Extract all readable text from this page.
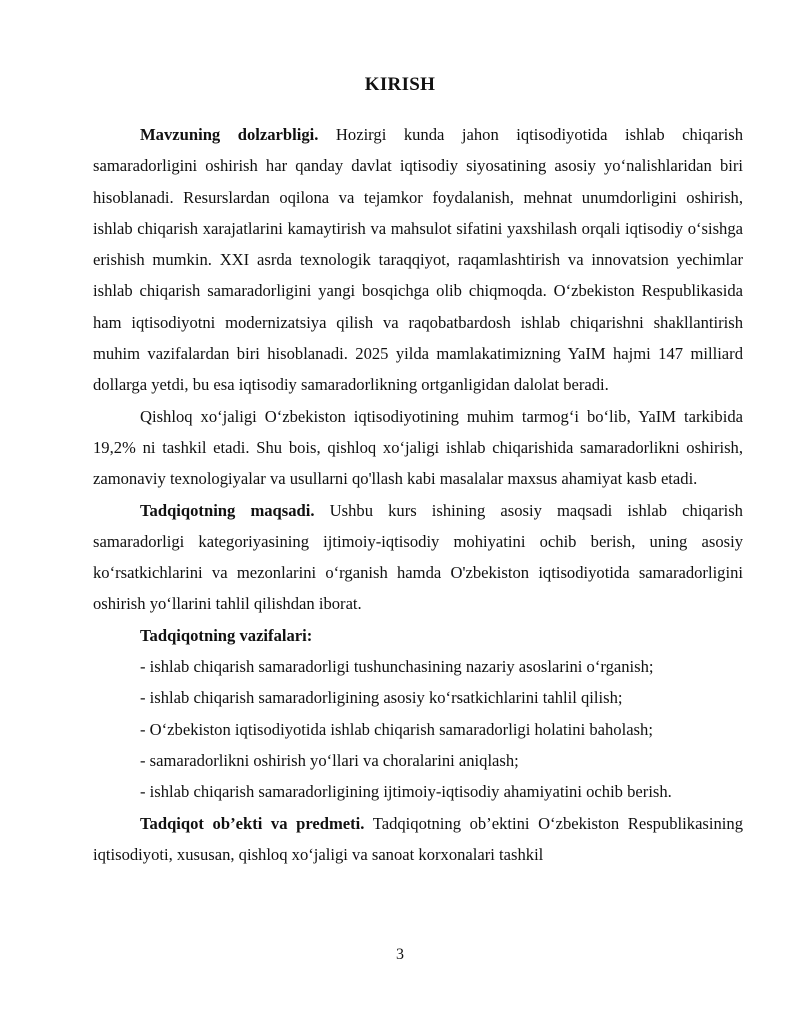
KIRISH

Mavzuning dolzarbligi. Hozirgi kunda jahon iqtisodiyotida ishlab chiqarish samaradorligini oshirish har qanday davlat iqtisodiy siyosatining asosiy yo‘nalishlaridan biri hisoblanadi. Resurslardan oqilona va tejamkor foydalanish, mehnat unumdorligini oshirish, ishlab chiqarish xarajatlarini kamaytirish va mahsulot sifatini yaxshilash orqali iqtisodiy o‘sishga erishish mumkin. XXI asrda texnologik taraqqiyot, raqamlashtirish va innovatsion yechimlar ishlab chiqarish samaradorligini yangi bosqichga olib chiqmoqda. O‘zbekiston Respublikasida ham iqtisodiyotni modernizatsiya qilish va raqobatbardosh ishlab chiqarishni shakllantirish muhim vazifalardan biri hisoblanadi. 2025 yilda mamlakatimizning YaIM hajmi 147 milliard dollarga yetdi, bu esa iqtisodiy samaradorlikning ortganligidan dalolat beradi.

Qishloq xo‘jaligi O‘zbekiston iqtisodiyotining muhim tarmog‘i bo‘lib, YaIM tarkibida 19,2% ni tashkil etadi. Shu bois, qishloq xo‘jaligi ishlab chiqarishida samaradorlikni oshirish, zamonaviy texnologiyalar va usullarni qo'llash kabi masalalar maxsus ahamiyat kasb etadi.

Tadqiqotning maqsadi. Ushbu kurs ishining asosiy maqsadi ishlab chiqarish samaradorligi kategoriyasining ijtimoiy-iqtisodiy mohiyatini ochib berish, uning asosiy ko‘rsatkichlarini va mezonlarini o‘rganish hamda O'zbekiston iqtisodiyotida samaradorligini oshirish yo‘llarini tahlil qilishdan iborat.

Tadqiqotning vazifalari:

- ishlab chiqarish samaradorligi tushunchasining nazariy asoslarini o‘rganish;

- ishlab chiqarish samaradorligining asosiy ko‘rsatkichlarini tahlil qilish;

- O‘zbekiston iqtisodiyotida ishlab chiqarish samaradorligi holatini baholash;

- samaradorlikni oshirish yo‘llari va choralarini aniqlash;

- ishlab chiqarish samaradorligining ijtimoiy-iqtisodiy ahamiyatini ochib berish.

Tadqiqot ob’ekti va predmeti. Tadqiqotning ob’ektini O‘zbekiston Respublikasining iqtisodiyoti, xususan, qishloq xo‘jaligi va sanoat korxonalari tashkil

3
